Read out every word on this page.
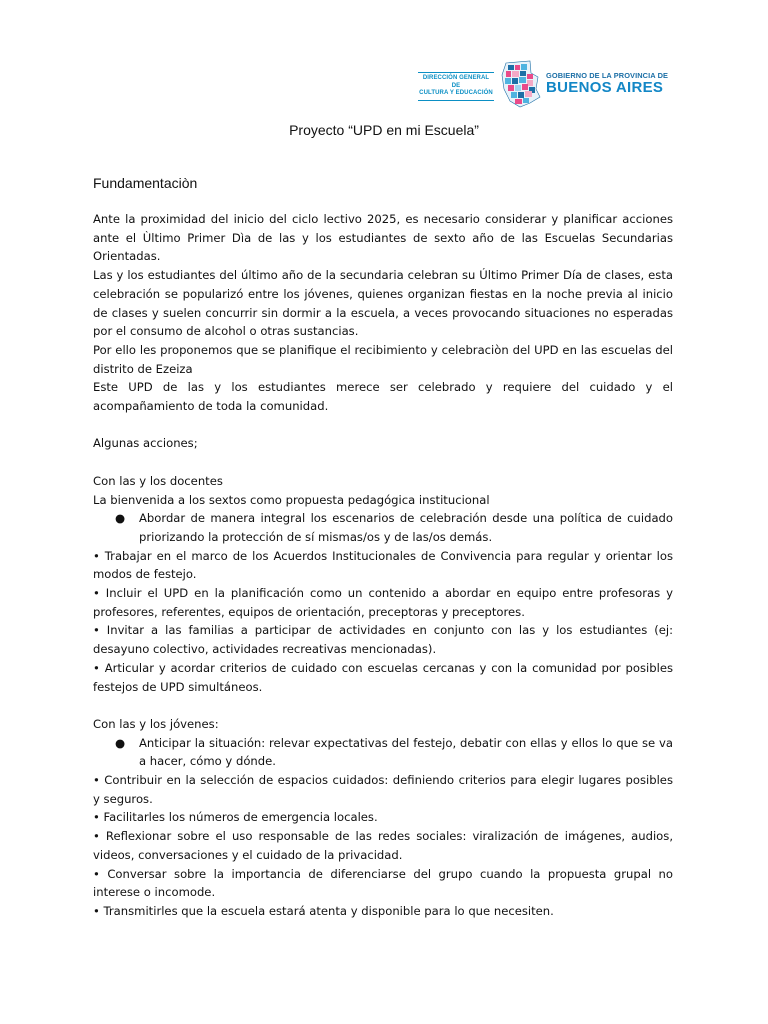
DIRECCIÓN GENERAL DE
CULTURA Y EDUCACIÓN
GOBIERNO DE LA PROVINCIA DE
BUENOS AIRES
Proyecto “UPD en mi Escuela”
Fundamentaciòn

Ante la proximidad del inicio del ciclo lectivo 2025, es necesario considerar y planificar acciones ante el Ùltimo Primer Dìa de las y los estudiantes de sexto año de las Escuelas Secundarias Orientadas.

Las y los estudiantes del último año de la secundaria celebran su Último Primer Día de clases, esta celebración se popularizó entre los jóvenes, quienes organizan fiestas en la noche previa al inicio de clases y suelen concurrir sin dormir a la escuela, a veces provocando situaciones no esperadas por el consumo de alcohol o otras sustancias.

Por ello les proponemos que se planifique el recibimiento y celebraciòn del UPD en las escuelas del distrito de Ezeiza

Este UPD de las y los estudiantes merece ser celebrado y requiere del cuidado y el acompañamiento de toda la comunidad.

Algunas acciones;

Con las y los docentes

La bienvenida a los sextos como propuesta pedagógica institucional

● Abordar de manera integral los escenarios de celebración desde una política de cuidado priorizando la protección de sí mismas/os y de las/os demás.

• Trabajar en el marco de los Acuerdos Institucionales de Convivencia para regular y orientar los modos de festejo.

• Incluir el UPD en la planificación como un contenido a abordar en equipo entre profesoras y profesores, referentes, equipos de orientación, preceptoras y preceptores.

• Invitar a las familias a participar de actividades en conjunto con las y los estudiantes (ej: desayuno colectivo, actividades recreativas mencionadas).

• Articular y acordar criterios de cuidado con escuelas cercanas y con la comunidad por posibles festejos de UPD simultáneos.

Con las y los jóvenes:

● Anticipar la situación: relevar expectativas del festejo, debatir con ellas y ellos lo que se va a hacer, cómo y dónde.

• Contribuir en la selección de espacios cuidados: definiendo criterios para elegir lugares posibles y seguros.

• Facilitarles los números de emergencia locales.

• Reflexionar sobre el uso responsable de las redes sociales: viralización de imágenes, audios, videos, conversaciones y el cuidado de la privacidad.

• Conversar sobre la importancia de diferenciarse del grupo cuando la propuesta grupal no interese o incomode.

• Transmitirles que la escuela estará atenta y disponible para lo que necesiten.
